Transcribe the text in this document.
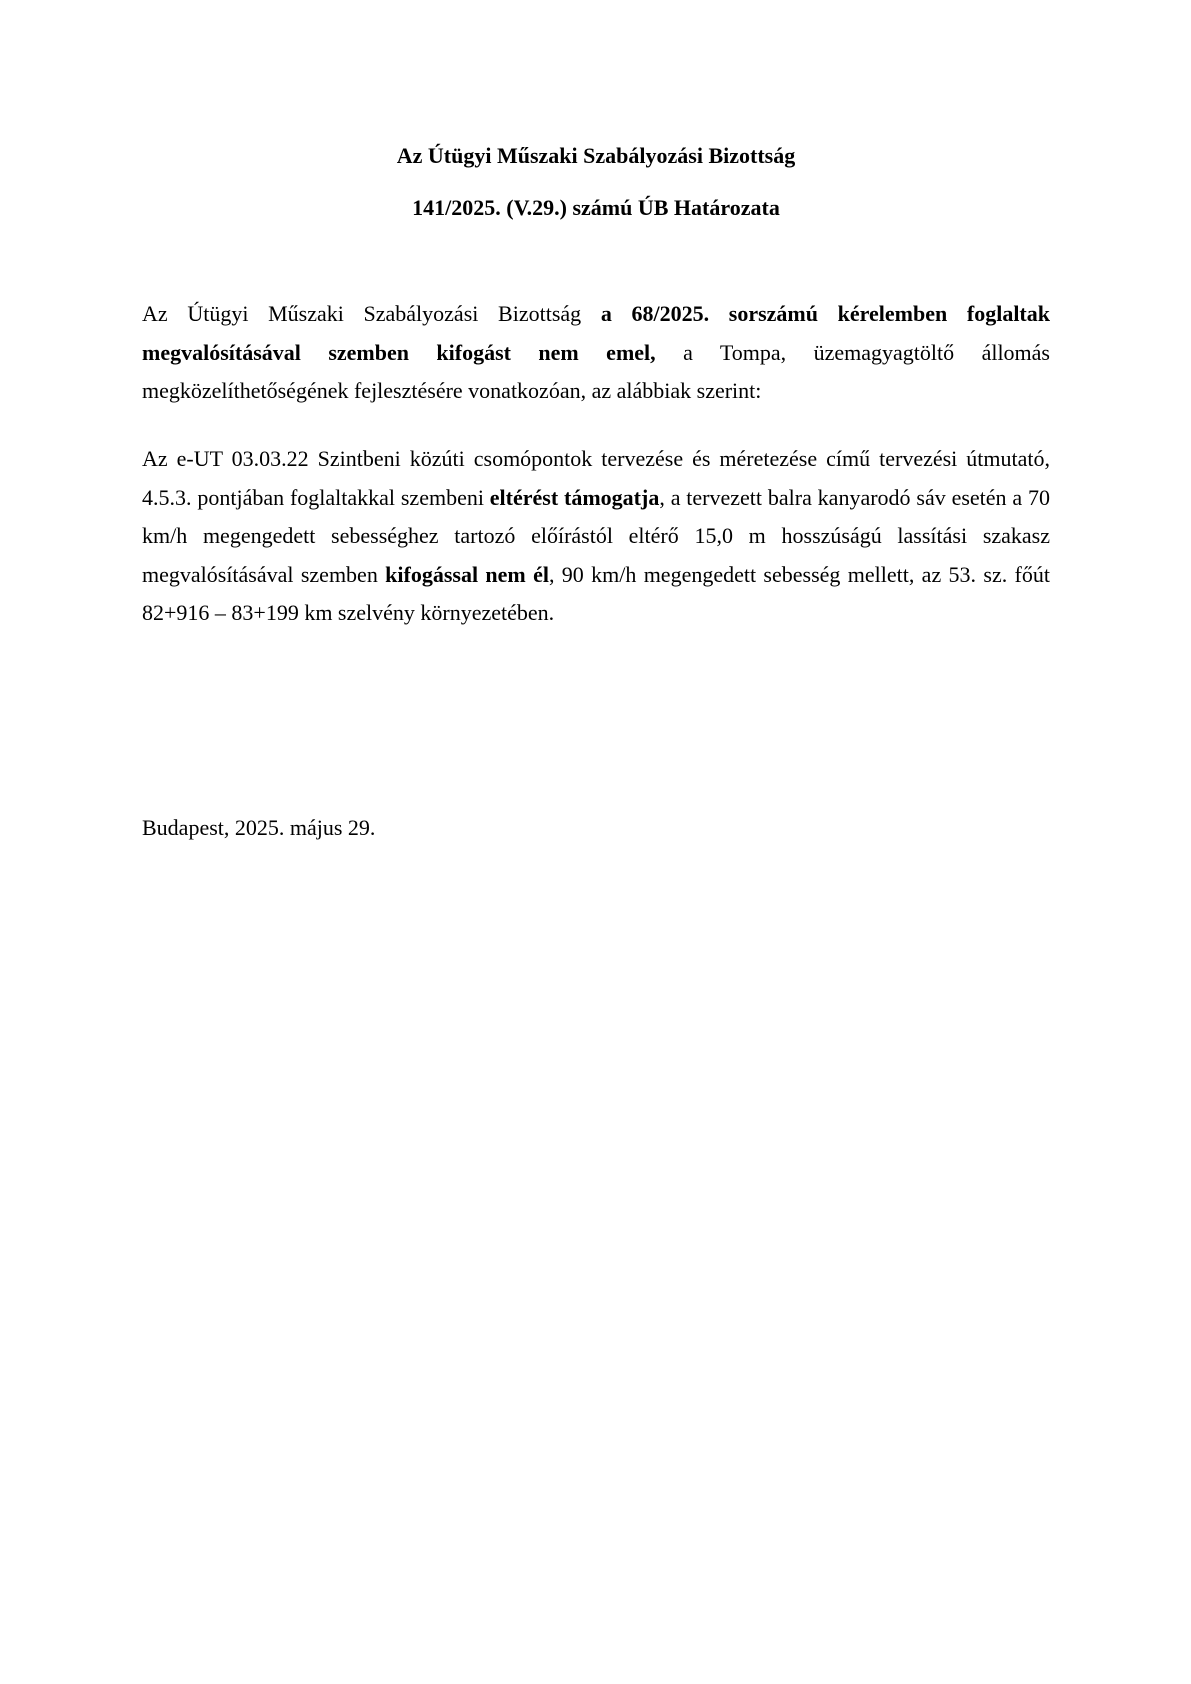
Az Útügyi Műszaki Szabályozási Bizottság

141/2025. (V.29.) számú ÚB Határozata

Az Útügyi Műszaki Szabályozási Bizottság a 68/2025. sorszámú kérelemben foglaltak megvalósításával szemben kifogást nem emel, a Tompa, üzemagyagtöltő állomás megközelíthetőségének fejlesztésére vonatkozóan, az alábbiak szerint:

Az e-UT 03.03.22 Szintbeni közúti csomópontok tervezése és méretezése című tervezési útmutató, 4.5.3. pontjában foglaltakkal szembeni eltérést támogatja, a tervezett balra kanyarodó sáv esetén a 70 km/h megengedett sebességhez tartozó előírástól eltérő 15,0 m hosszúságú lassítási szakasz megvalósításával szemben kifogással nem él, 90 km/h megengedett sebesség mellett, az 53. sz. főút 82+916 – 83+199 km szelvény környezetében.

Budapest, 2025. május 29.
